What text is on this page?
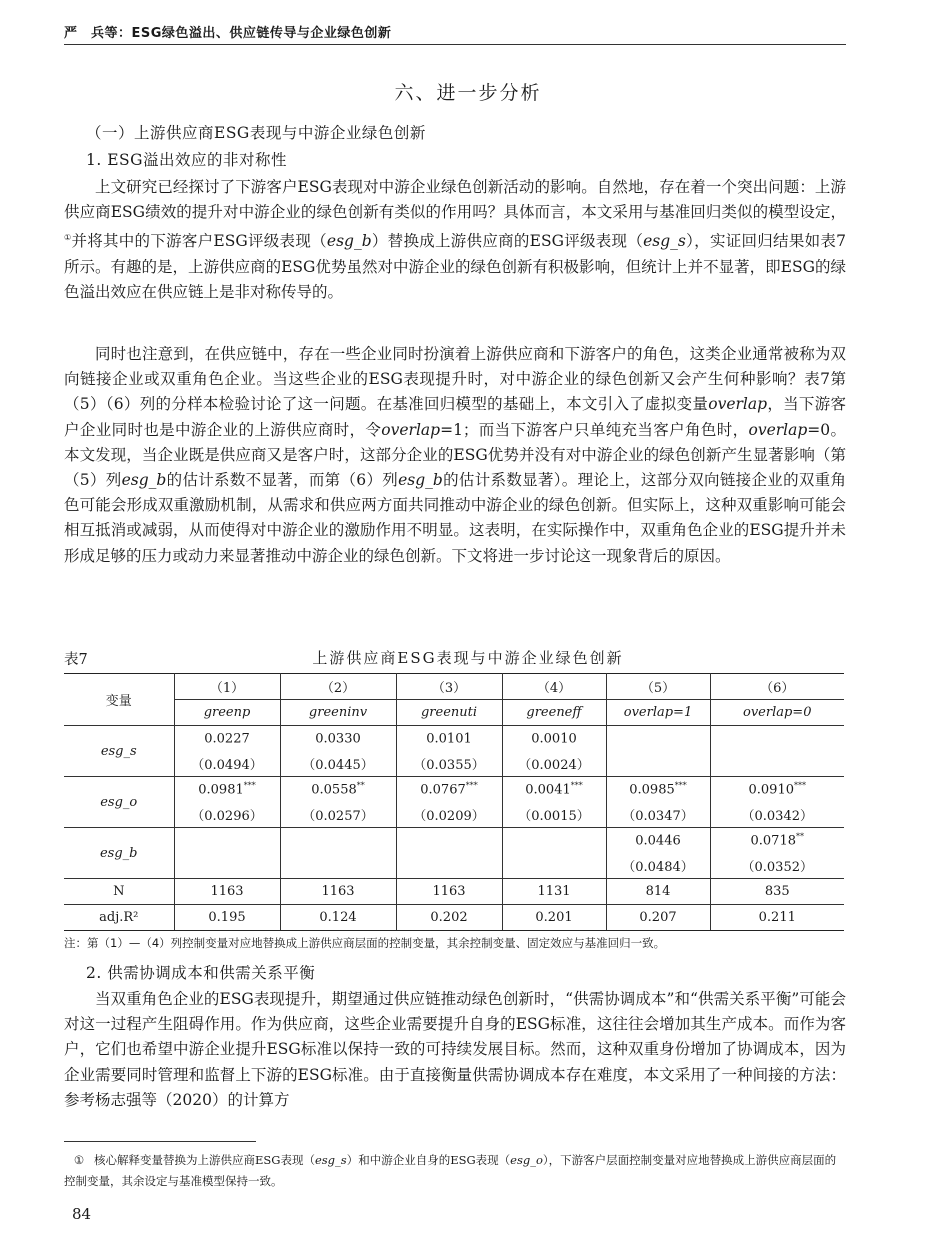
严　兵等：ESG绿色溢出、供应链传导与企业绿色创新
六、进一步分析
（一）上游供应商ESG表现与中游企业绿色创新
1. ESG溢出效应的非对称性

上文研究已经探讨了下游客户ESG表现对中游企业绿色创新活动的影响。自然地，存在着一个突出问题：上游供应商ESG绩效的提升对中游企业的绿色创新有类似的作用吗？具体而言，本文采用与基准回归类似的模型设定，①并将其中的下游客户ESG评级表现（esg_b）替换成上游供应商的ESG评级表现（esg_s），实证回归结果如表7所示。有趣的是，上游供应商的ESG优势虽然对中游企业的绿色创新有积极影响，但统计上并不显著，即ESG的绿色溢出效应在供应链上是非对称传导的。

同时也注意到，在供应链中，存在一些企业同时扮演着上游供应商和下游客户的角色，这类企业通常被称为双向链接企业或双重角色企业。当这些企业的ESG表现提升时，对中游企业的绿色创新又会产生何种影响？表7第（5）（6）列的分样本检验讨论了这一问题。在基准回归模型的基础上，本文引入了虚拟变量overlap，当下游客户企业同时也是中游企业的上游供应商时，令overlap=1；而当下游客户只单纯充当客户角色时，overlap=0。本文发现，当企业既是供应商又是客户时，这部分企业的ESG优势并没有对中游企业的绿色创新产生显著影响（第（5）列esg_b的估计系数不显著，而第（6）列esg_b的估计系数显著）。理论上，这部分双向链接企业的双重角色可能会形成双重激励机制，从需求和供应两方面共同推动中游企业的绿色创新。但实际上，这种双重影响可能会相互抵消或减弱，从而使得对中游企业的激励作用不明显。这表明，在实际操作中，双重角色企业的ESG提升并未形成足够的压力或动力来显著推动中游企业的绿色创新。下文将进一步讨论这一现象背后的原因。

表7	上游供应商ESG表现与中游企业绿色创新
变量	（1）	（2）	（3）	（4）	（5）	（6）
	greenp	greeninv	greenuti	greeneff	overlap=1	overlap=0
esg_s	0.0227	0.0330	0.0101	0.0010		
	（0.0494）	（0.0445）	（0.0355）	（0.0024）		
esg_o	0.0981***	0.0558**	0.0767***	0.0041***	0.0985***	0.0910***
	（0.0296）	（0.0257）	（0.0209）	（0.0015）	（0.0347）	（0.0342）
esg_b					0.0446	0.0718**
					（0.0484）	（0.0352）
N	1163	1163	1163	1131	814	835
adj.R²	0.195	0.124	0.202	0.201	0.207	0.211
注：第（1）—（4）列控制变量对应地替换成上游供应商层面的控制变量，其余控制变量、固定效应与基准回归一致。
2. 供需协调成本和供需关系平衡

当双重角色企业的ESG表现提升，期望通过供应链推动绿色创新时，“供需协调成本”和“供需关系平衡”可能会对这一过程产生阻碍作用。作为供应商，这些企业需要提升自身的ESG标准，这往往会增加其生产成本。而作为客户，它们也希望中游企业提升ESG标准以保持一致的可持续发展目标。然而，这种双重身份增加了协调成本，因为企业需要同时管理和监督上下游的ESG标准。由于直接衡量供需协调成本存在难度，本文采用了一种间接的方法：参考杨志强等（2020）的计算方

① 核心解释变量替换为上游供应商ESG表现（esg_s）和中游企业自身的ESG表现（esg_o），下游客户层面控制变量对应地替换成上游供应商层面的控制变量，其余设定与基准模型保持一致。

84
